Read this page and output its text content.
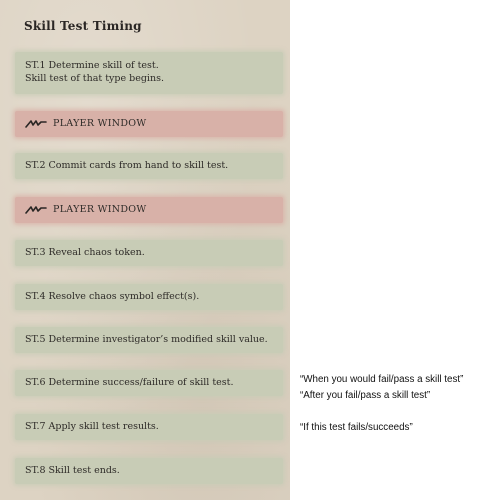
Skill Test Timing
ST.1 Determine skill of test. Skill test of that type begins.
PLAYER WINDOW
ST.2 Commit cards from hand to skill test.
PLAYER WINDOW
ST.3 Reveal chaos token.
ST.4 Resolve chaos symbol effect(s).
ST.5 Determine investigator’s modified skill value.
ST.6 Determine success/failure of skill test.
ST.7 Apply skill test results.
ST.8 Skill test ends.
“When you would fail/pass a skill test”
“After you fail/pass a skill test”
“If this test fails/succeeds”
